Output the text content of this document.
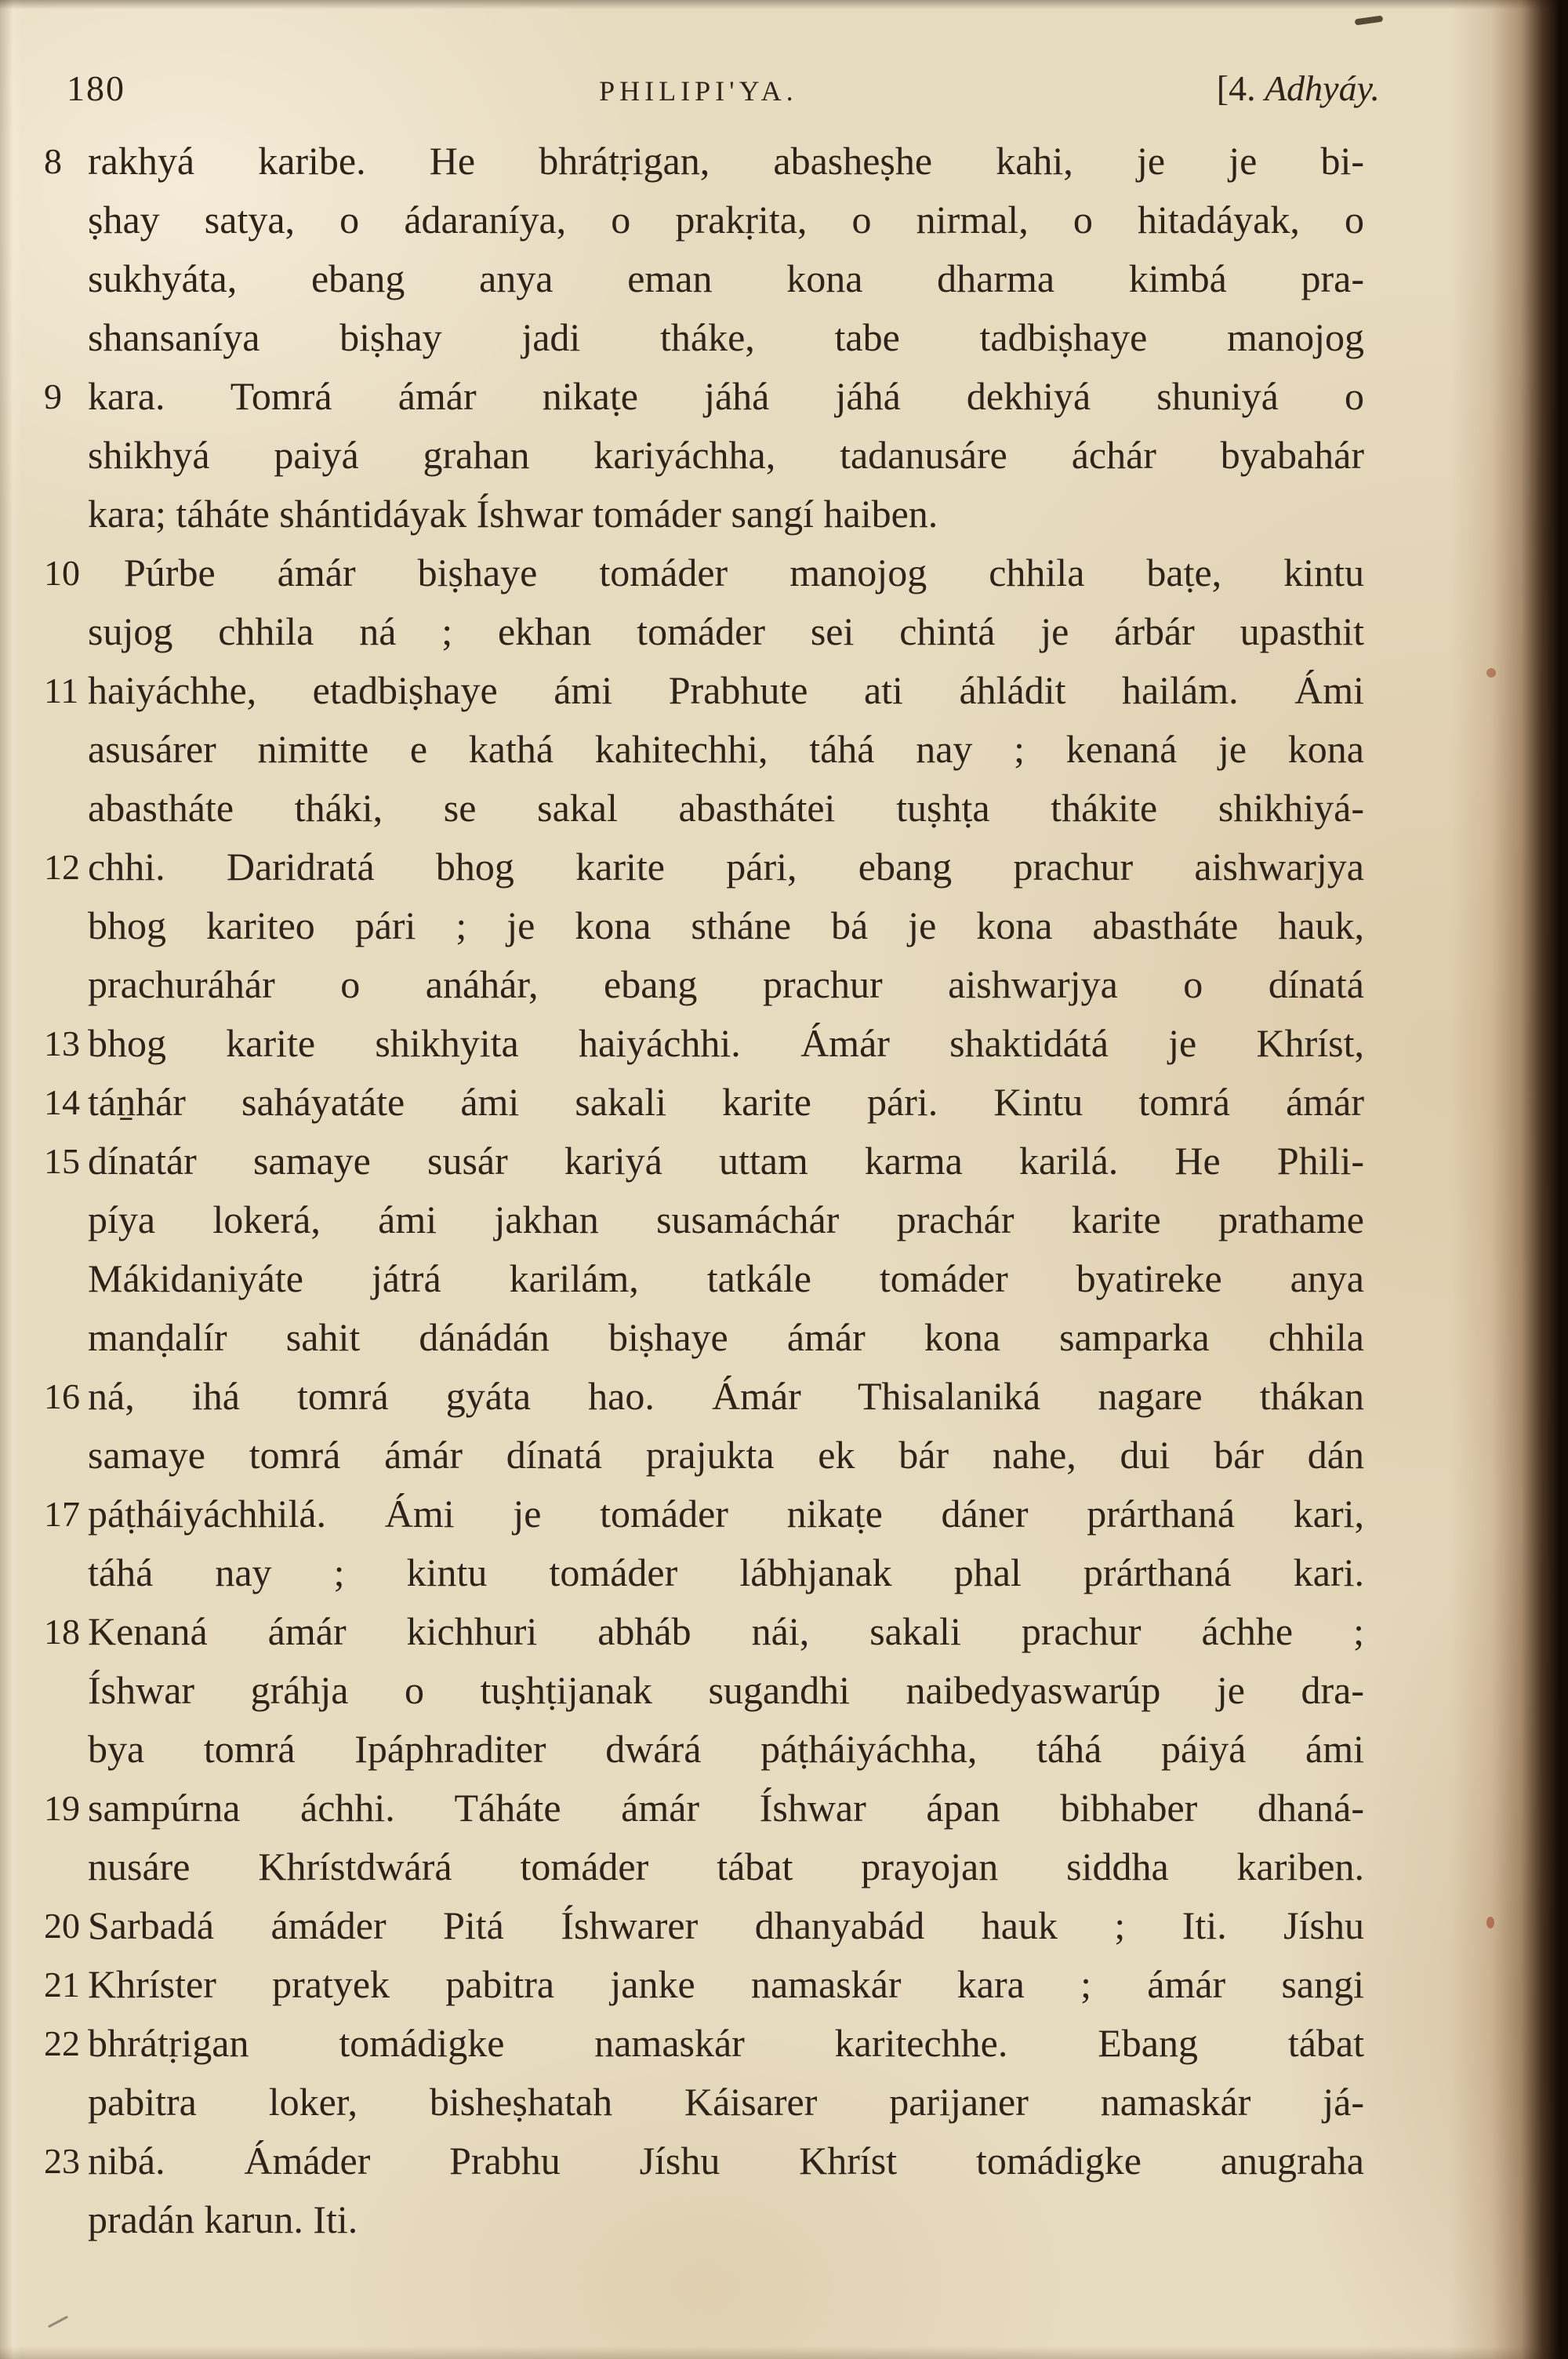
180	PHILIPI'YA.	[4. Adhyáy.
8 rakhyá karibe. He bhrátṛigan, abasheṣhe kahi, je je bi-
ṣhay satya, o ádaraníya, o prakṛita, o nirmal, o hitadáyak, o
sukhyáta, ebang anya eman kona dharma kimbá pra-
shansaníya biṣhay jadi tháke, tabe tadbiṣhaye manojog
9 kara. Tomrá ámár nikaṭe jáhá jáhá dekhiyá shuniyá o
shikhyá paiyá grahan kariyáchha, tadanusáre áchár byabahár
kara; táháte shántidáyak Íshwar tomáder sangí haiben.
10 Púrbe ámár biṣhaye tomáder manojog chhila baṭe, kintu
sujog chhila ná ; ekhan tomáder sei chintá je árbár upasthit
11 haiyáchhe, etadbiṣhaye ámi Prabhute ati áhládit hailám. Ámi
asusárer nimitte e kathá kahitechhi, táhá nay ; kenaná je kona
abastháte tháki, se sakal abasthátei tuṣhṭa thákite shikhiyá-
12 chhi. Daridratá bhog karite pári, ebang prachur aishwarjya
bhog kariteo pári ; je kona stháne bá je kona abastháte hauk,
prachuráhár o anáhár, ebang prachur aishwarjya o dínatá
13 bhog karite shikhyita haiyáchhi. Ámár shaktidátá je Khríst,
14 táṉhár saháyatáte ámi sakali karite pári. Kintu tomrá ámár
15 dínatár samaye susár kariyá uttam karma karilá. He Phili-
píya lokerá, ámi jakhan susamáchár prachár karite prathame
Mákidaniyáte játrá karilám, tatkále tomáder byatireke anya
manḍalír sahit dánádán biṣhaye ámár kona samparka chhila
16 ná, ihá tomrá gyáta hao. Ámár Thisalaniká nagare thákan
samaye tomrá ámár dínatá prajukta ek bár nahe, dui bár dán
17 páṭháiyáchhilá. Ámi je tomáder nikaṭe dáner prárthaná kari,
táhá nay ; kintu tomáder lábhjanak phal prárthaná kari.
18 Kenaná ámár kichhuri abháb nái, sakali prachur áchhe ;
Íshwar gráhja o tuṣhṭijanak sugandhi naibedyaswarúp je dra-
bya tomrá Ipáphraditer dwárá páṭháiyáchha, táhá páiyá ámi
19 sampúrna áchhi. Táháte ámár Íshwar ápan bibhaber dhaná-
nusáre Khrístdwárá tomáder tábat prayojan siddha kariben.
20 Sarbadá ámáder Pitá Íshwarer dhanyabád hauk ; Iti. Jíshu
21 Khríster pratyek pabitra janke namaskár kara ; ámár sangi
22 bhrátṛigan tomádigke namaskár karitechhe. Ebang tábat
pabitra loker, bisheṣhatah Káisarer parijaner namaskár já-
23 nibá. Ámáder Prabhu Jíshu Khríst tomádigke anugraha
pradán karun. Iti.
